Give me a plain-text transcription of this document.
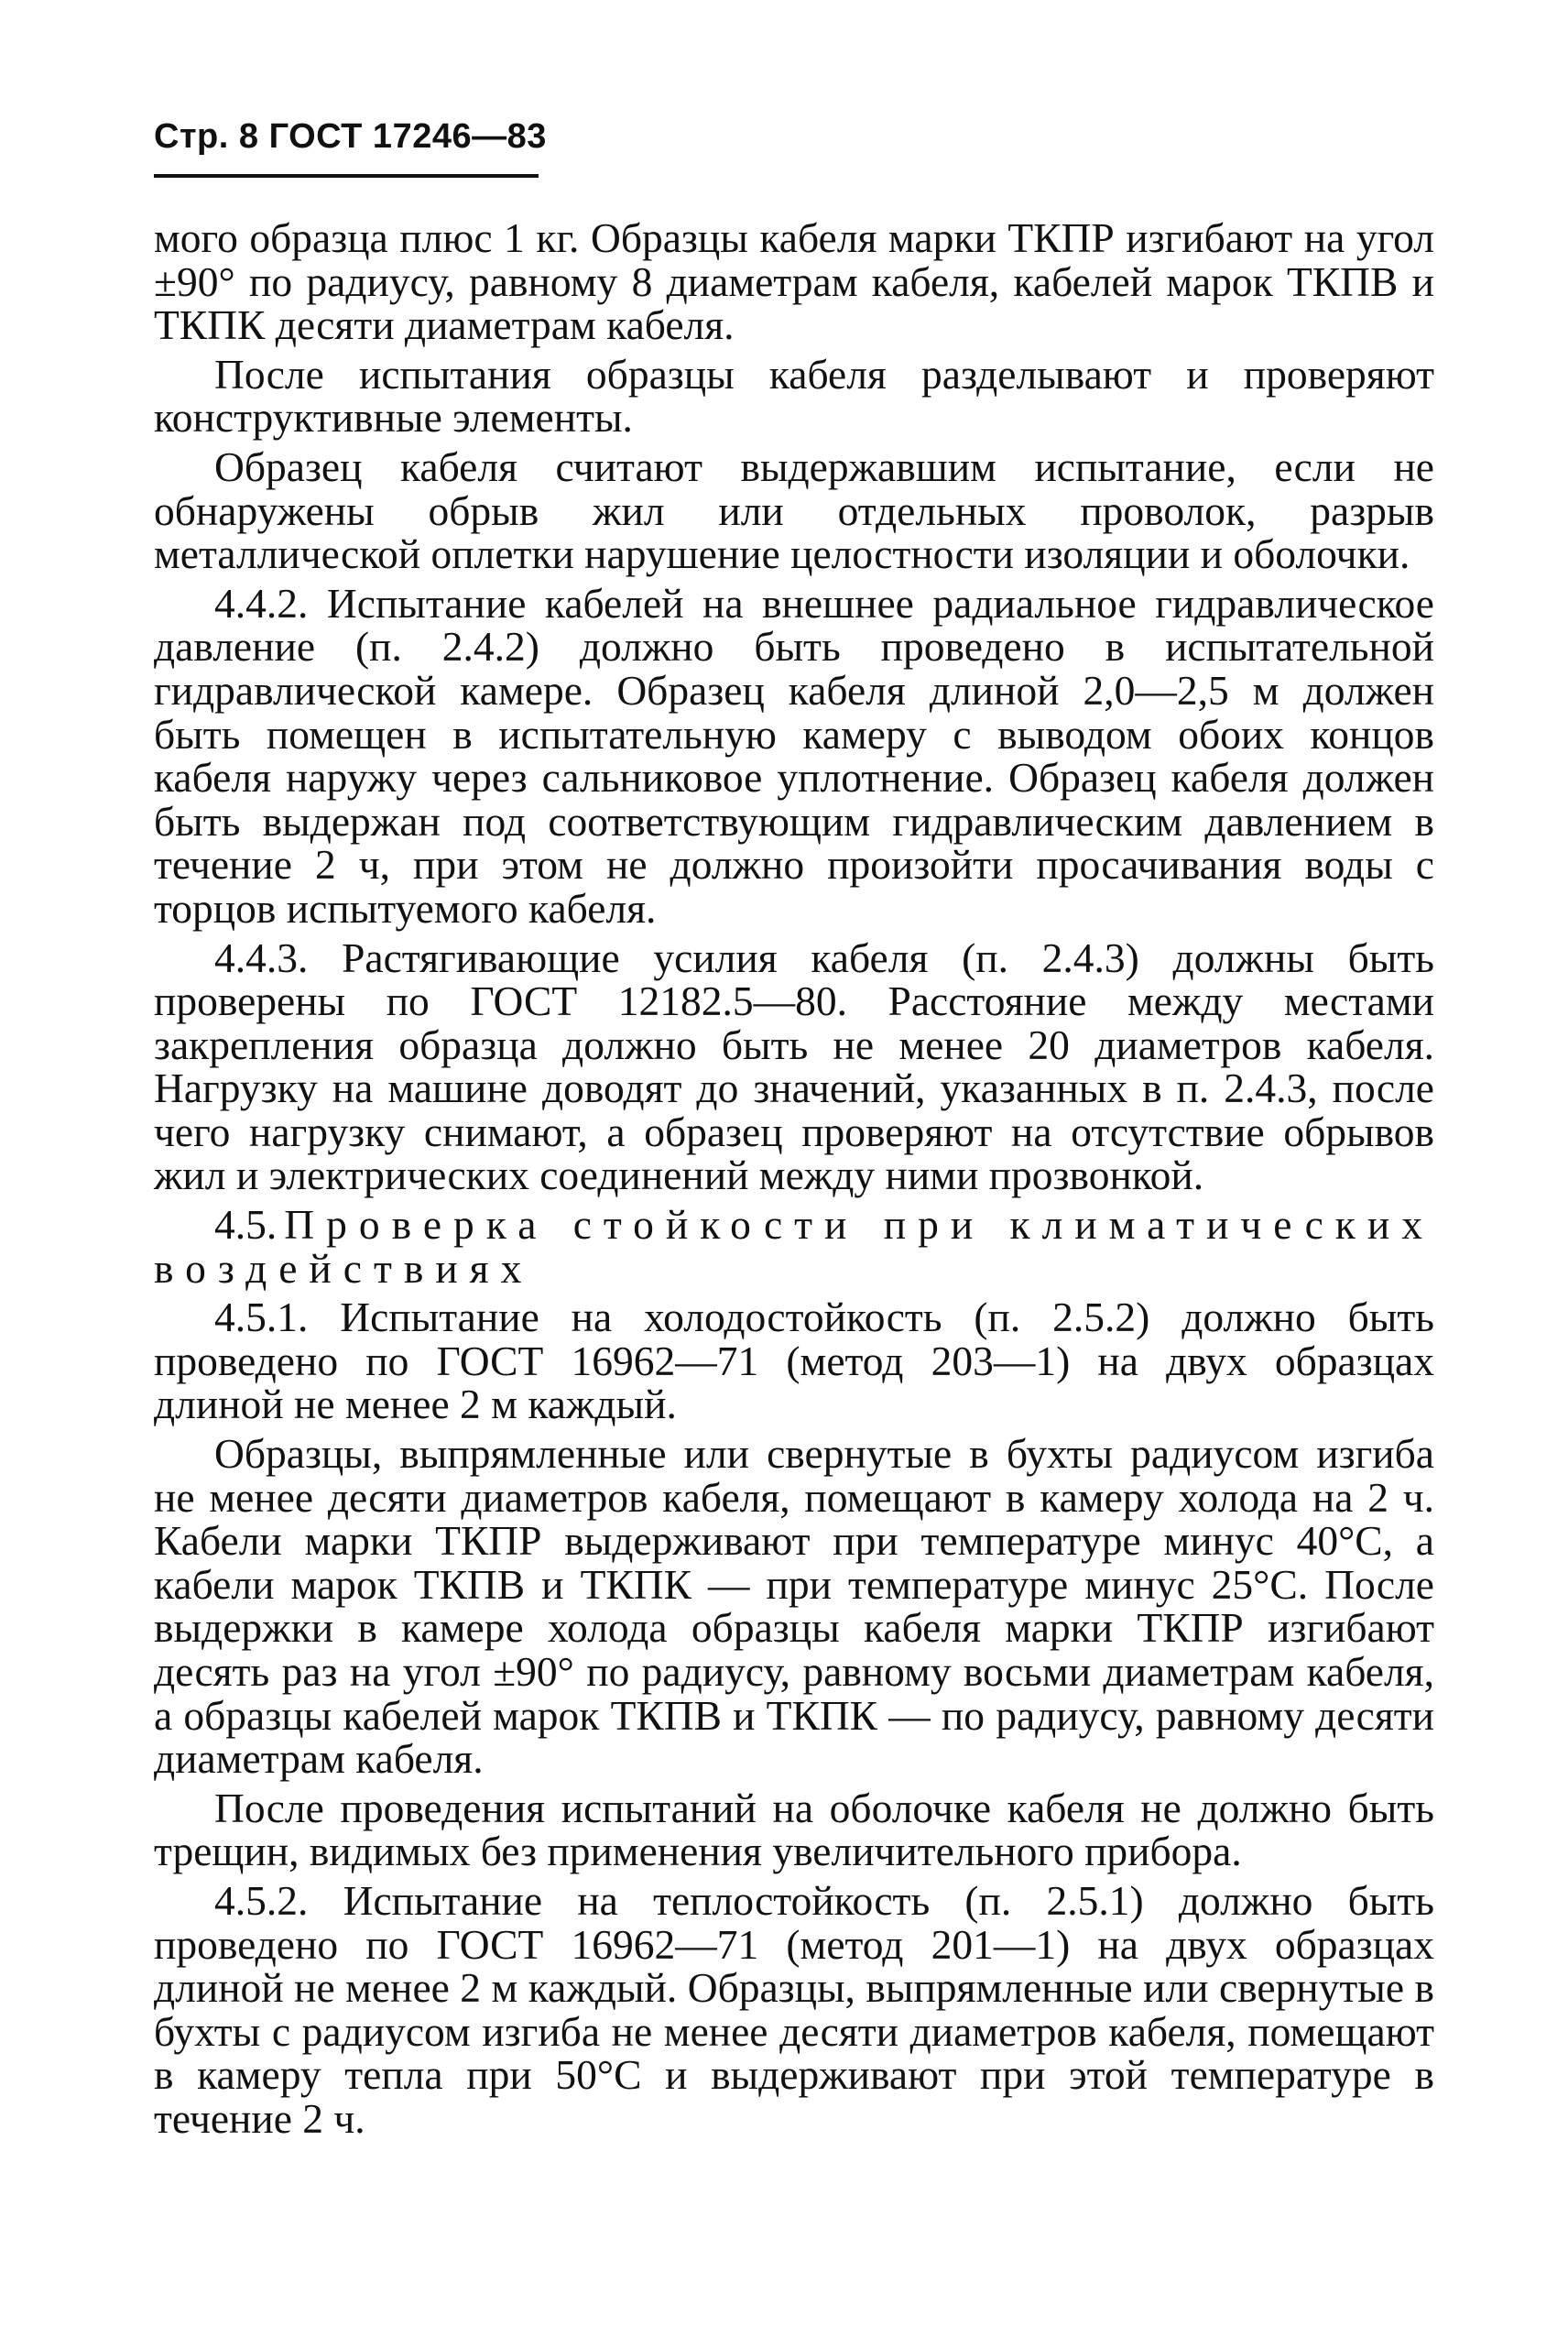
Стр. 8 ГОСТ 17246—83

мого образца плюс 1 кг. Образцы кабеля марки ТКПР изгибают на угол ±90° по радиусу, равному 8 диаметрам кабеля, кабелей марок ТКПВ и ТКПК десяти диаметрам кабеля.

После испытания образцы кабеля разделывают и проверяют конструктивные элементы.

Образец кабеля считают выдержавшим испытание, если не обнаружены обрыв жил или отдельных проволок, разрыв металлической оплетки нарушение целостности изоляции и оболочки.

4.4.2. Испытание кабелей на внешнее радиальное гидравлическое давление (п. 2.4.2) должно быть проведено в испытательной гидравлической камере. Образец кабеля длиной 2,0—2,5 м должен быть помещен в испытательную камеру с выводом обоих концов кабеля наружу через сальниковое уплотнение. Образец кабеля должен быть выдержан под соответствующим гидравлическим давлением в течение 2 ч, при этом не должно произойти просачивания воды с торцов испытуемого кабеля.

4.4.3. Растягивающие усилия кабеля (п. 2.4.3) должны быть проверены по ГОСТ 12182.5—80. Расстояние между местами закрепления образца должно быть не менее 20 диаметров кабеля. Нагрузку на машине доводят до значений, указанных в п. 2.4.3, после чего нагрузку снимают, а образец проверяют на отсутствие обрывов жил и электрических соединений между ними прозвонкой.

4.5. Проверка стойкости при климатических воздействиях

4.5.1. Испытание на холодостойкость (п. 2.5.2) должно быть проведено по ГОСТ 16962—71 (метод 203—1) на двух образцах длиной не менее 2 м каждый.

Образцы, выпрямленные или свернутые в бухты радиусом изгиба не менее десяти диаметров кабеля, помещают в камеру холода на 2 ч. Кабели марки ТКПР выдерживают при температуре минус 40°С, а кабели марок ТКПВ и ТКПК — при температуре минус 25°С. После выдержки в камере холода образцы кабеля марки ТКПР изгибают десять раз на угол ±90° по радиусу, равному восьми диаметрам кабеля, а образцы кабелей марок ТКПВ и ТКПК — по радиусу, равному десяти диаметрам кабеля.

После проведения испытаний на оболочке кабеля не должно быть трещин, видимых без применения увеличительного прибора.

4.5.2. Испытание на теплостойкость (п. 2.5.1) должно быть проведено по ГОСТ 16962—71 (метод 201—1) на двух образцах длиной не менее 2 м каждый. Образцы, выпрямленные или свернутые в бухты с радиусом изгиба не менее десяти диаметров кабеля, помещают в камеру тепла при 50°С и выдерживают при этой температуре в течение 2 ч.
